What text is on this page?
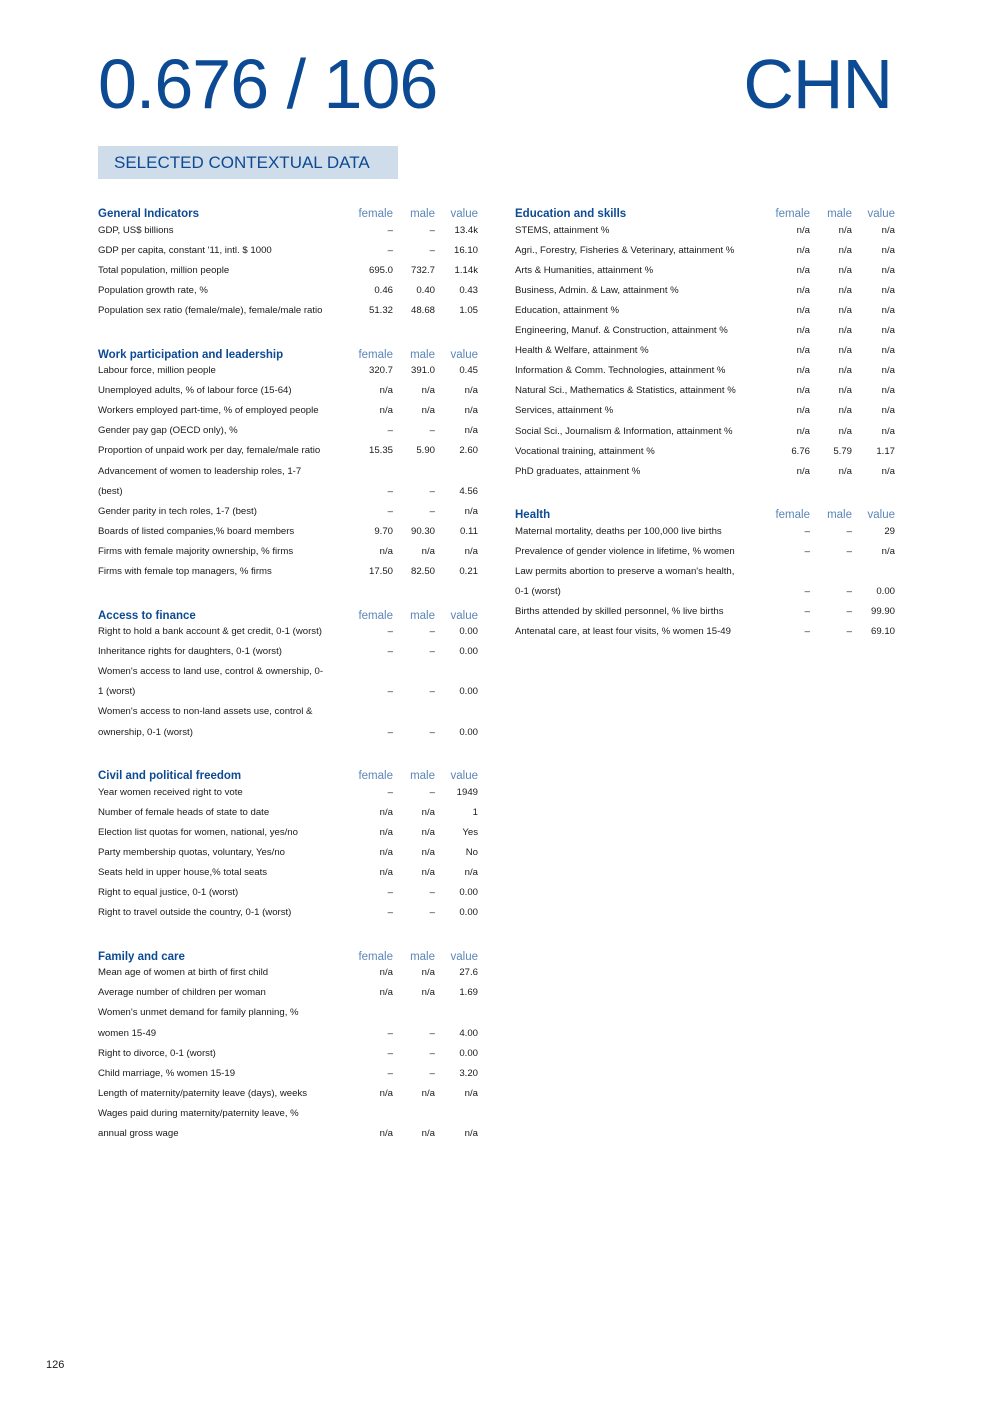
0.676 / 106	CHN
SELECTED CONTEXTUAL DATA
General Indicators	female	male	value
GDP, US$ billions	–	–	13.4k
GDP per capita, constant '11, intl. $ 1000	–	–	16.10
Total population, million people	695.0	732.7	1.14k
Population growth rate, %	0.46	0.40	0.43
Population sex ratio (female/male), female/male ratio	51.32	48.68	1.05
Work participation and leadership	female	male	value
Labour force, million people	320.7	391.0	0.45
Unemployed adults, % of labour force (15-64)	n/a	n/a	n/a
Workers employed part-time, % of employed people	n/a	n/a	n/a
Gender pay gap (OECD only), %	–	–	n/a
Proportion of unpaid work per day, female/male ratio	15.35	5.90	2.60
Advancement of women to leadership roles, 1-7
(best)	–	–	4.56
Gender parity in tech roles, 1-7 (best)	–	–	n/a
Boards of listed companies,% board members	9.70	90.30	0.11
Firms with female majority ownership, % firms	n/a	n/a	n/a
Firms with female top managers, % firms	17.50	82.50	0.21
Access to finance	female	male	value
Right to hold a bank account & get credit, 0-1 (worst)	–	–	0.00
Inheritance rights for daughters, 0-1 (worst)	–	–	0.00
Women's access to land use, control & ownership, 0-
1 (worst)	–	–	0.00
Women's access to non-land assets use, control &
ownership, 0-1 (worst)	–	–	0.00
Civil and political freedom	female	male	value
Year women received right to vote	–	–	1949
Number of female heads of state to date	n/a	n/a	1
Election list quotas for women, national, yes/no	n/a	n/a	Yes
Party membership quotas, voluntary, Yes/no	n/a	n/a	No
Seats held in upper house,% total seats	n/a	n/a	n/a
Right to equal justice, 0-1 (worst)	–	–	0.00
Right to travel outside the country, 0-1 (worst)	–	–	0.00
Family and care	female	male	value
Mean age of women at birth of first child	n/a	n/a	27.6
Average number of children per woman	n/a	n/a	1.69
Women's unmet demand for family planning, %
women 15-49	–	–	4.00
Right to divorce, 0-1 (worst)	–	–	0.00
Child marriage, % women 15-19	–	–	3.20
Length of maternity/paternity leave (days), weeks	n/a	n/a	n/a
Wages paid during maternity/paternity leave, %
annual gross wage	n/a	n/a	n/a
Education and skills	female	male	value
STEMS, attainment %	n/a	n/a	n/a
Agri., Forestry, Fisheries & Veterinary, attainment %	n/a	n/a	n/a
Arts & Humanities, attainment %	n/a	n/a	n/a
Business, Admin. & Law, attainment %	n/a	n/a	n/a
Education, attainment %	n/a	n/a	n/a
Engineering, Manuf. & Construction, attainment %	n/a	n/a	n/a
Health & Welfare, attainment %	n/a	n/a	n/a
Information & Comm. Technologies, attainment %	n/a	n/a	n/a
Natural Sci., Mathematics & Statistics, attainment %	n/a	n/a	n/a
Services, attainment %	n/a	n/a	n/a
Social Sci., Journalism & Information, attainment %	n/a	n/a	n/a
Vocational training, attainment %	6.76	5.79	1.17
PhD graduates, attainment %	n/a	n/a	n/a
Health	female	male	value
Maternal mortality, deaths per 100,000 live births	–	–	29
Prevalence of gender violence in lifetime, % women	–	–	n/a
Law permits abortion to preserve a woman's health,
0-1 (worst)	–	–	0.00
Births attended by skilled personnel, % live births	–	–	99.90
Antenatal care, at least four visits, % women 15-49	–	–	69.10
126
